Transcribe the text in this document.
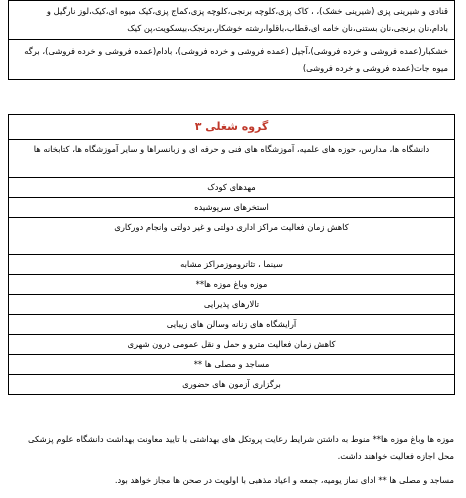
قنادی و شیرینی پزی (شیرینی خشک)، ، کاک پزی،کلوچه برنجی،کلوچه پزی،کماج پزی،کیک میوه ای،کیک،لوز نارگیل و بادام،نان برنجی،نان بستنی،نان خامه ای،قطاب،باقلوا،رشته خوشکار،برنجک،بیسکویت،پن کیک
خشکبار(عمده فروشی و خرده فروشی)،آجیل (عمده فروشی و خرده فروشی)، بادام(عمده فروشی و خرده فروشی)، برگه میوه جات(عمده فروشی و خرده فروشی)
گروه شغلی ۳
دانشگاه ها، مدارس، حوزه های علمیه، آموزشگاه های فنی و حرفه ای و زبانسراها و سایر آموزشگاه ها، کتابخانه ها
مهدهای کودک
استخرهای سرپوشیده
کاهش زمان فعالیت مراکز اداری دولتی و غیر دولتی وانجام دورکاری
سینما ، تئاتروموزمراکز مشابه
موزه وباغ موزه ها**
تالارهای پذیرایی
آرایشگاه های زنانه وسالن های زیبایی
کاهش زمان فعالیت مترو و حمل و نقل عمومی درون شهری
مساجد و مصلی ها **
برگزاری آزمون های حضوری
موزه ها وباغ موزه ها** منوط به داشتن شرایط رعایت پروتکل های بهداشتی با تایید معاونت بهداشت دانشگاه علوم پزشکی محل اجازه فعالیت خواهند داشت.
مساجد و مصلی ها ** ادای نماز یومیه، جمعه و اعیاد مذهبی با اولویت در صحن ها مجاز خواهد بود.
